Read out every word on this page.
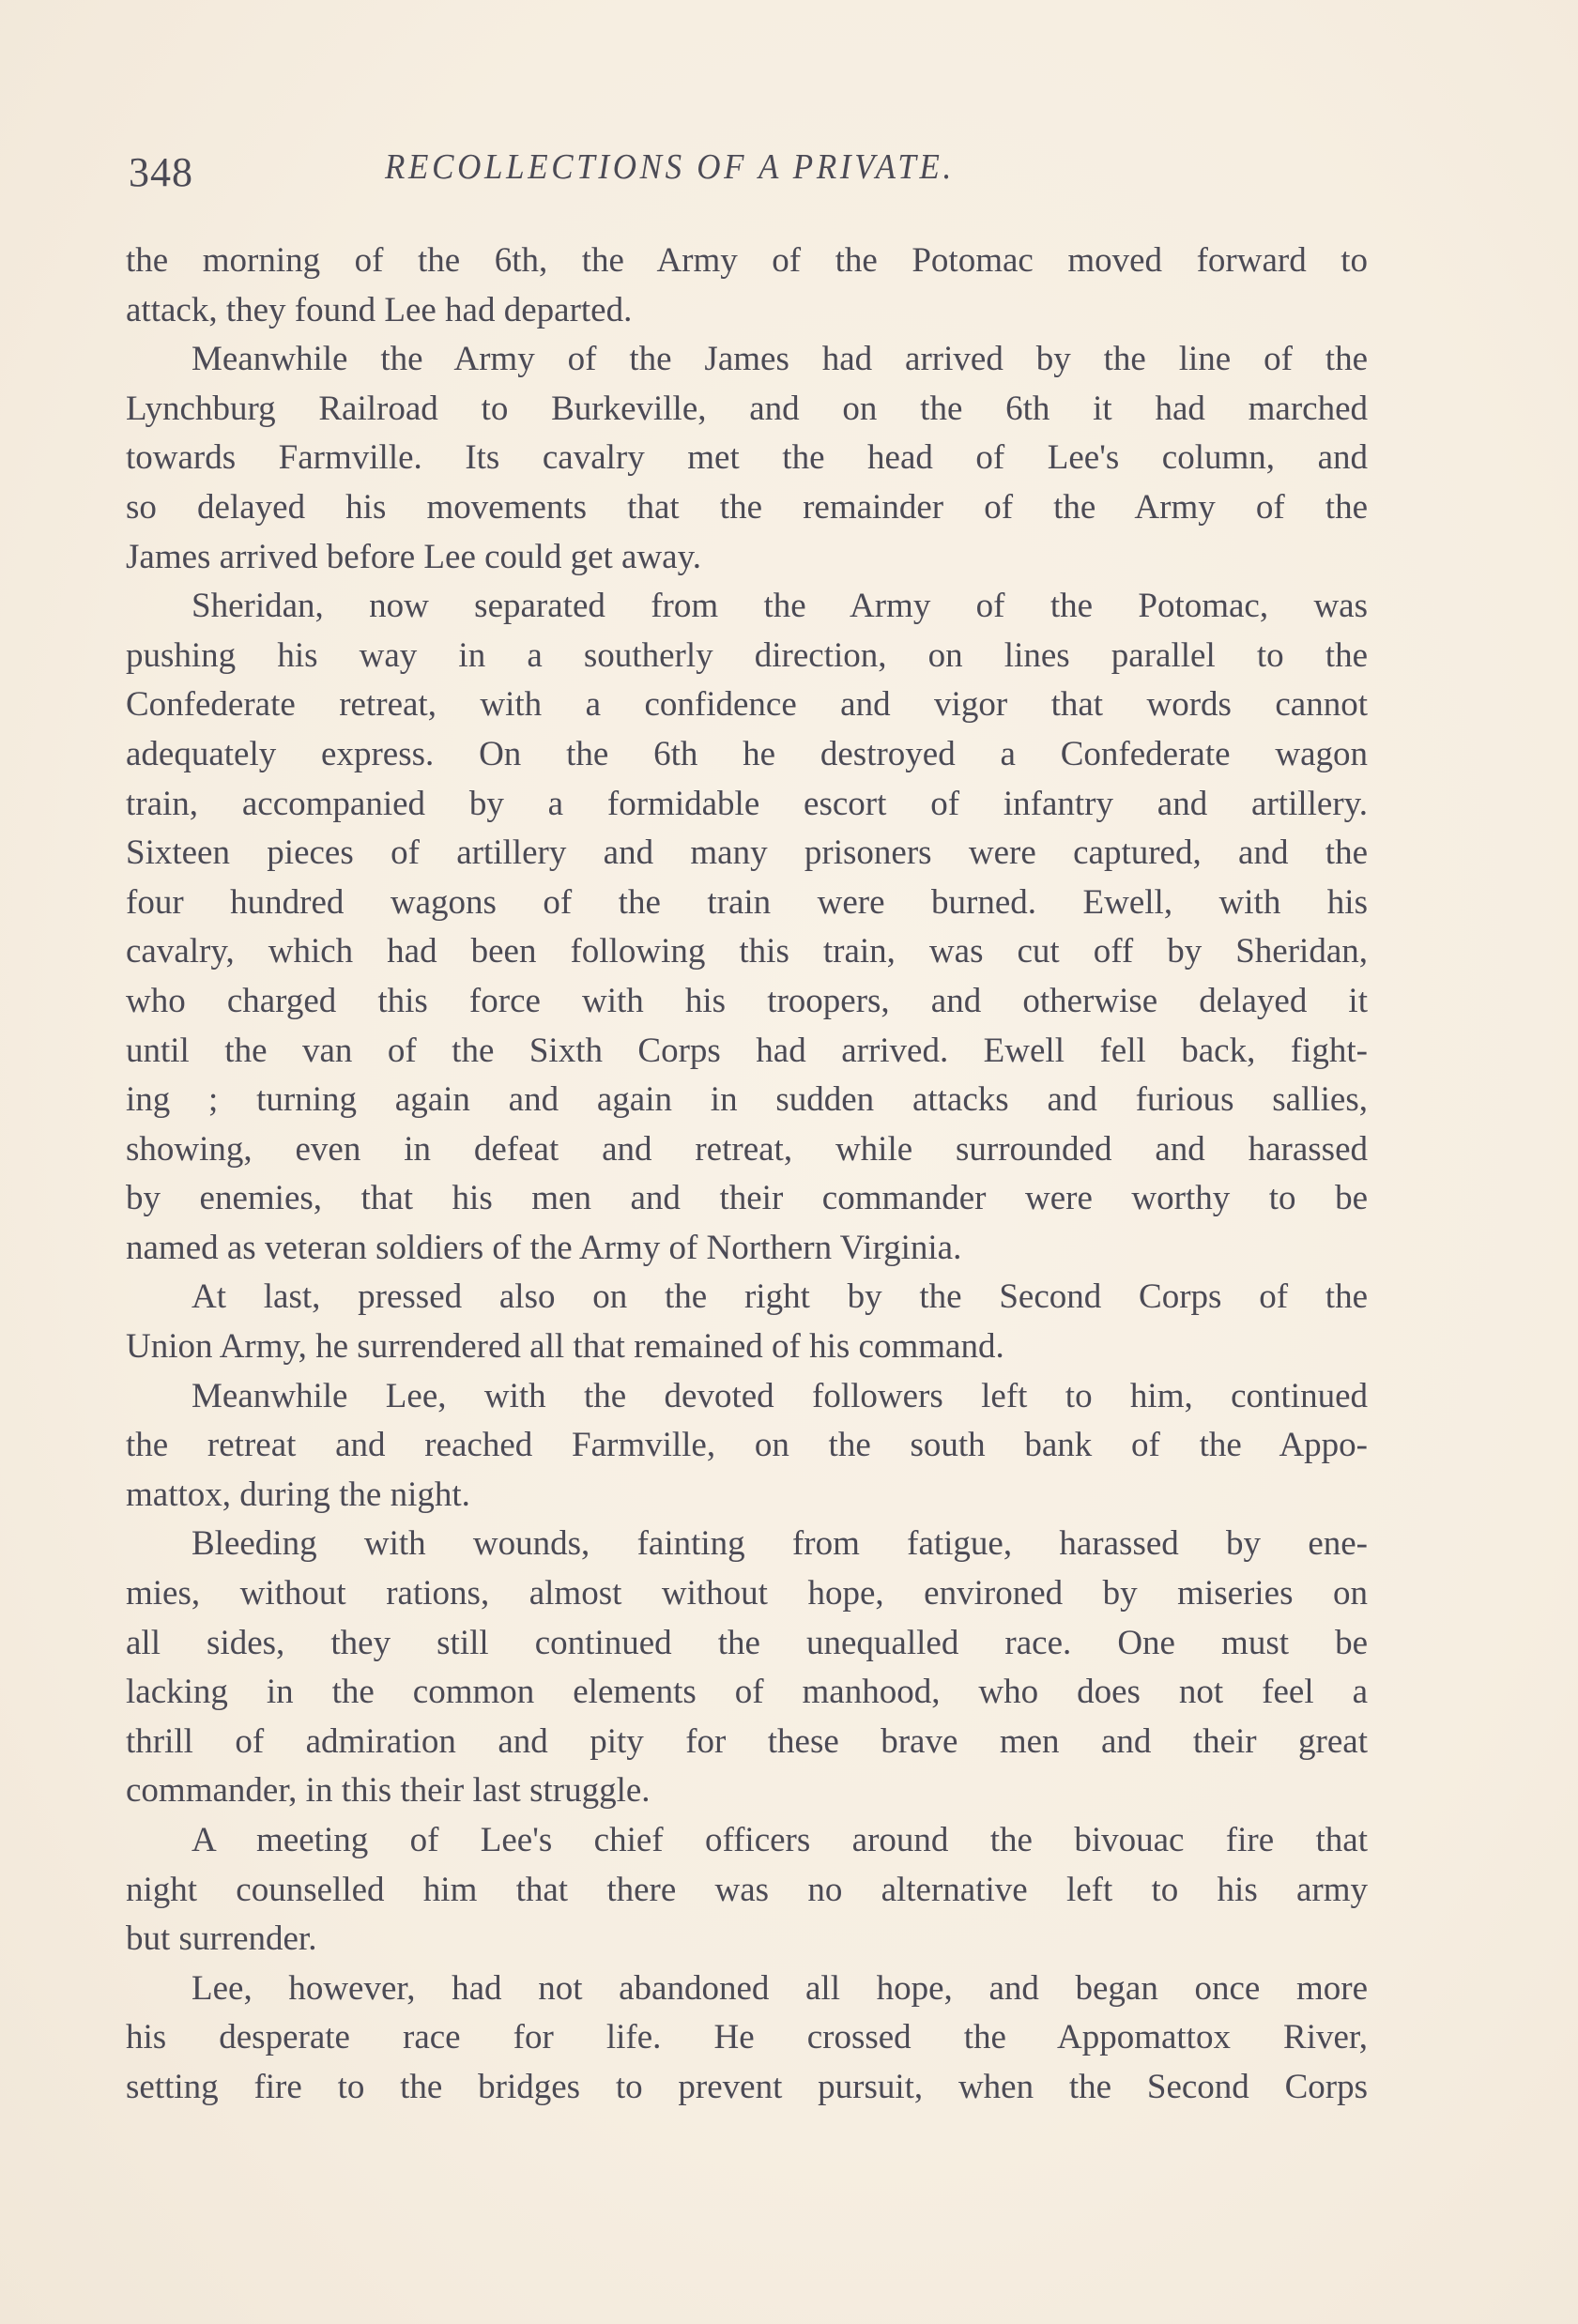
348	RECOLLECTIONS OF A PRIVATE.
the morning of the 6th, the Army of the Potomac moved forward to
attack, they found Lee had departed.
Meanwhile the Army of the James had arrived by the line of the
Lynchburg Railroad to Burkeville, and on the 6th it had marched
towards Farmville. Its cavalry met the head of Lee's column, and
so delayed his movements that the remainder of the Army of the
James arrived before Lee could get away.
Sheridan, now separated from the Army of the Potomac, was
pushing his way in a southerly direction, on lines parallel to the
Confederate retreat, with a confidence and vigor that words cannot
adequately express. On the 6th he destroyed a Confederate wagon
train, accompanied by a formidable escort of infantry and artillery.
Sixteen pieces of artillery and many prisoners were captured, and the
four hundred wagons of the train were burned. Ewell, with his
cavalry, which had been following this train, was cut off by Sheridan,
who charged this force with his troopers, and otherwise delayed it
until the van of the Sixth Corps had arrived. Ewell fell back, fight-
ing ; turning again and again in sudden attacks and furious sallies,
showing, even in defeat and retreat, while surrounded and harassed
by enemies, that his men and their commander were worthy to be
named as veteran soldiers of the Army of Northern Virginia.
At last, pressed also on the right by the Second Corps of the
Union Army, he surrendered all that remained of his command.
Meanwhile Lee, with the devoted followers left to him, continued
the retreat and reached Farmville, on the south bank of the Appo-
mattox, during the night.
Bleeding with wounds, fainting from fatigue, harassed by ene-
mies, without rations, almost without hope, environed by miseries on
all sides, they still continued the unequalled race. One must be
lacking in the common elements of manhood, who does not feel a
thrill of admiration and pity for these brave men and their great
commander, in this their last struggle.
A meeting of Lee's chief officers around the bivouac fire that
night counselled him that there was no alternative left to his army
but surrender.
Lee, however, had not abandoned all hope, and began once more
his desperate race for life. He crossed the Appomattox River,
setting fire to the bridges to prevent pursuit, when the Second Corps
